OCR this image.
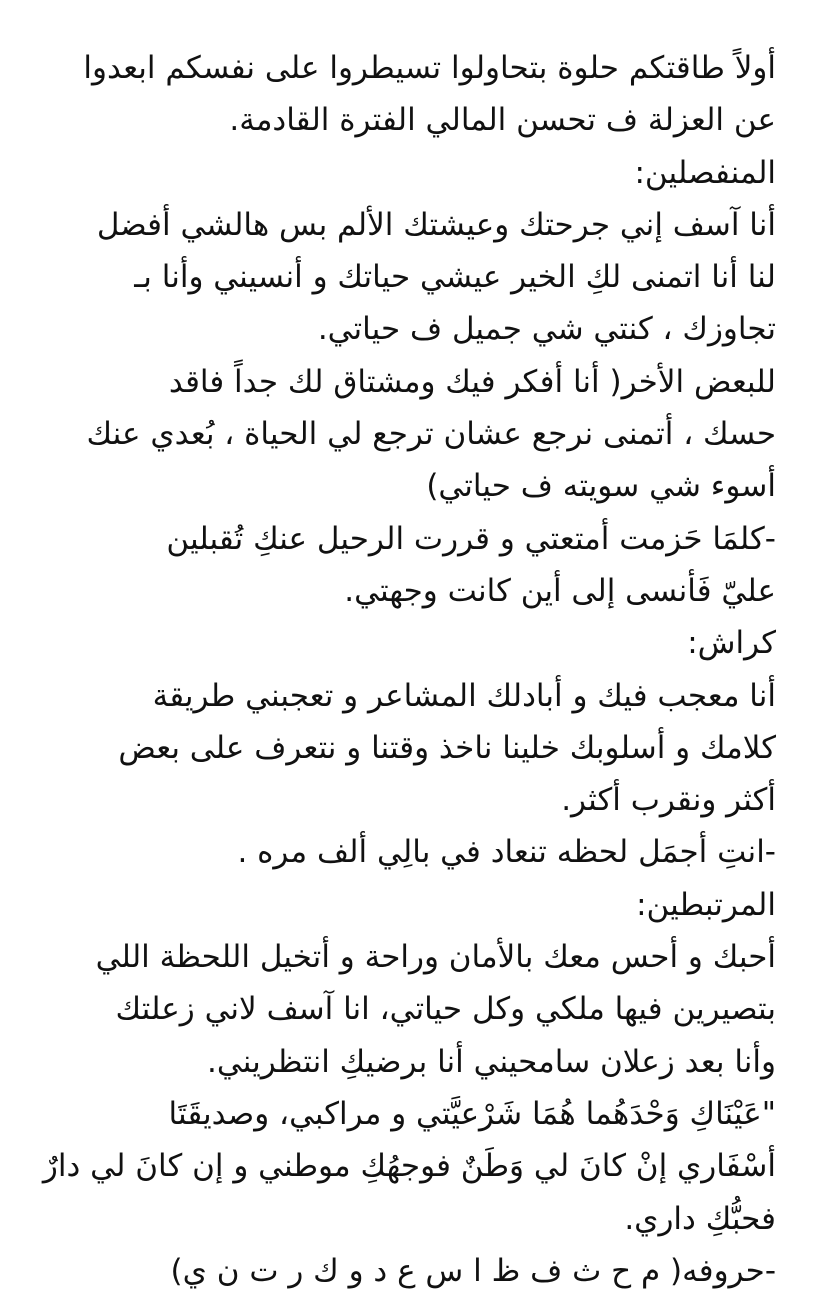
أولاً طاقتكم حلوة بتحاولوا تسيطروا على نفسكم ابعدوا
عن العزلة ف تحسن المالي الفترة القادمة.
المنفصلين:
أنا آسف إني جرحتك وعيشتك الألم بس هالشي أفضل
لنا أنا اتمنى لكِ الخير عيشي حياتك و أنسيني وأنا بـ
تجاوزك ، كنتي شي جميل ف حياتي.
للبعض الأخر( أنا أفكر فيك ومشتاق لك جداً فاقد
حسك ، أتمنى نرجع عشان ترجع لي الحياة ، بُعدي عنك
أسوء شي سويته ف حياتي)
-كلمَا حَزمت أمتعتي و قررت الرحيل عنكِ تُقبلين
عليّ فَأنسى إلى أين كانت وجهتي.
كراش:
أنا معجب فيك و أبادلك المشاعر و تعجبني طريقة
كلامك و أسلوبك خلينا ناخذ وقتنا و نتعرف على بعض
أكثر ونقرب أكثر.
-انتِ أجمَل لحظه تنعاد في بالِي ألف مره .
المرتبطين:
أحبك و أحس معك بالأمان وراحة و أتخيل اللحظة اللي
بتصيرين فيها ملكي وكل حياتي، انا آسف لاني زعلتك
وأنا بعد زعلان سامحيني أنا برضيكِ انتظريني.
"عَيْنَاكِ وَحْدَهُما هُمَا شَرْعيَّتي و مراكبي، وصديقَتَا
أسْفَاري إنْ كانَ لي وَطَنٌ فوجهُكِ موطني و إن كانَ لي دارٌ
فحبُّكِ داري.
-حروفه( م ح ث ف ظ ا س ع د و ك ر ت ن ي)
